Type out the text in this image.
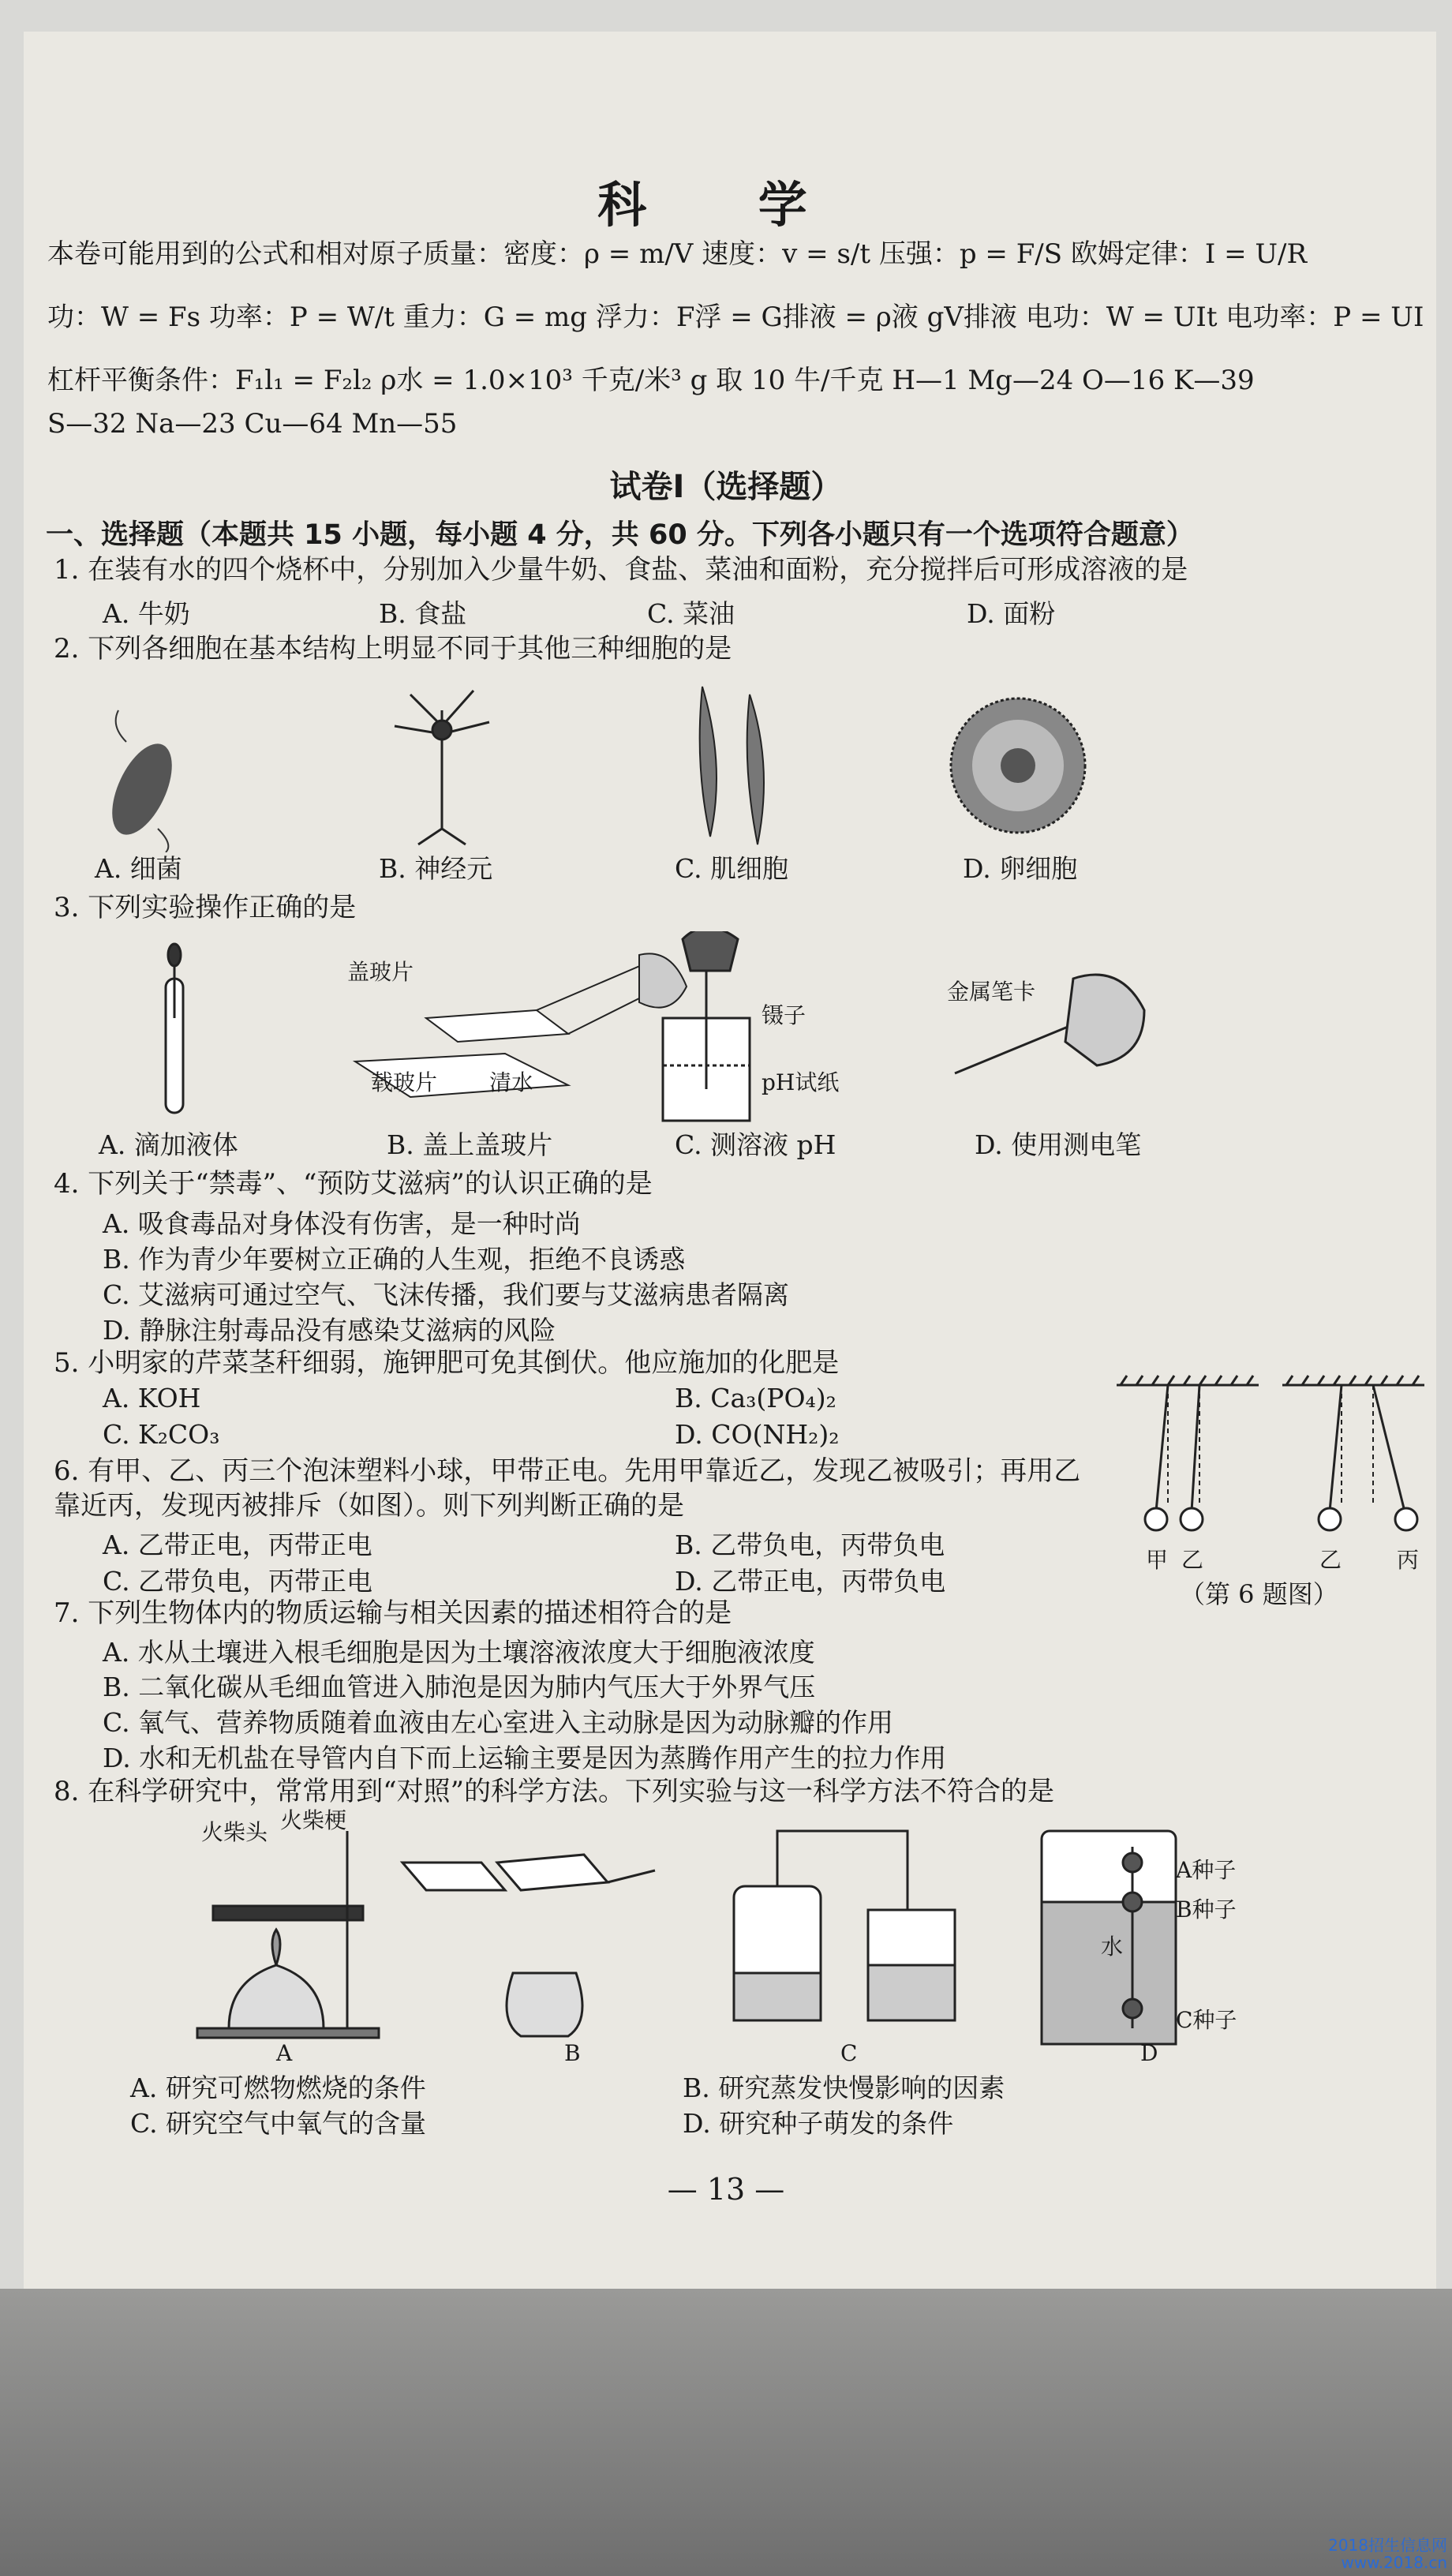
科 学
本卷可能用到的公式和相对原子质量：密度：ρ = m/V 速度：v = s/t 压强：p = F/S 欧姆定律：I = U/R
功：W = Fs 功率：P = W/t 重力：G = mg 浮力：F浮 = G排液 = ρ液 gV排液 电功：W = UIt 电功率：P = UI
杠杆平衡条件：F₁l₁ = F₂l₂ ρ水 = 1.0×10³ 千克/米³ g 取 10 牛/千克 H—1 Mg—24 O—16 K—39
S—32 Na—23 Cu—64 Mn—55
试卷Ⅰ（选择题）
一、选择题（本题共 15 小题，每小题 4 分，共 60 分。下列各小题只有一个选项符合题意）
1. 在装有水的四个烧杯中，分别加入少量牛奶、食盐、菜油和面粉，充分搅拌后可形成溶液的是
A. 牛奶	B. 食盐	C. 菜油	D. 面粉
2. 下列各细胞在基本结构上明显不同于其他三种细胞的是
A. 细菌	B. 神经元	C. 肌细胞	D. 卵细胞
3. 下列实验操作正确的是
盖玻片
载玻片 清水
镊子
pH试纸
金属笔卡
A. 滴加液体	B. 盖上盖玻片	C. 测溶液 pH	D. 使用测电笔
4. 下列关于“禁毒”、“预防艾滋病”的认识正确的是
A. 吸食毒品对身体没有伤害，是一种时尚
B. 作为青少年要树立正确的人生观，拒绝不良诱惑
C. 艾滋病可通过空气、飞沫传播，我们要与艾滋病患者隔离
D. 静脉注射毒品没有感染艾滋病的风险
5. 小明家的芹菜茎秆细弱，施钾肥可免其倒伏。他应施加的化肥是
A. KOH	B. Ca₃(PO₄)₂
C. K₂CO₃	D. CO(NH₂)₂
6. 有甲、乙、丙三个泡沫塑料小球，甲带正电。先用甲靠近乙，发现乙被吸引；再用乙
靠近丙，发现丙被排斥（如图）。则下列判断正确的是
A. 乙带正电，丙带正电	B. 乙带负电，丙带负电
C. 乙带负电，丙带正电	D. 乙带正电，丙带负电
甲 乙	乙 丙
（第 6 题图）
7. 下列生物体内的物质运输与相关因素的描述相符合的是
A. 水从土壤进入根毛细胞是因为土壤溶液浓度大于细胞液浓度
B. 二氧化碳从毛细血管进入肺泡是因为肺内气压大于外界气压
C. 氧气、营养物质随着血液由左心室进入主动脉是因为动脉瓣的作用
D. 水和无机盐在导管内自下而上运输主要是因为蒸腾作用产生的拉力作用
8. 在科学研究中，常常用到“对照”的科学方法。下列实验与这一科学方法不符合的是
火柴头 火柴梗
A种子
B种子
C种子
水
A	B	C	D
A. 研究可燃物燃烧的条件	B. 研究蒸发快慢影响的因素
C. 研究空气中氧气的含量	D. 研究种子萌发的条件
— 13 —
2018招生信息网
www.2018.cn
